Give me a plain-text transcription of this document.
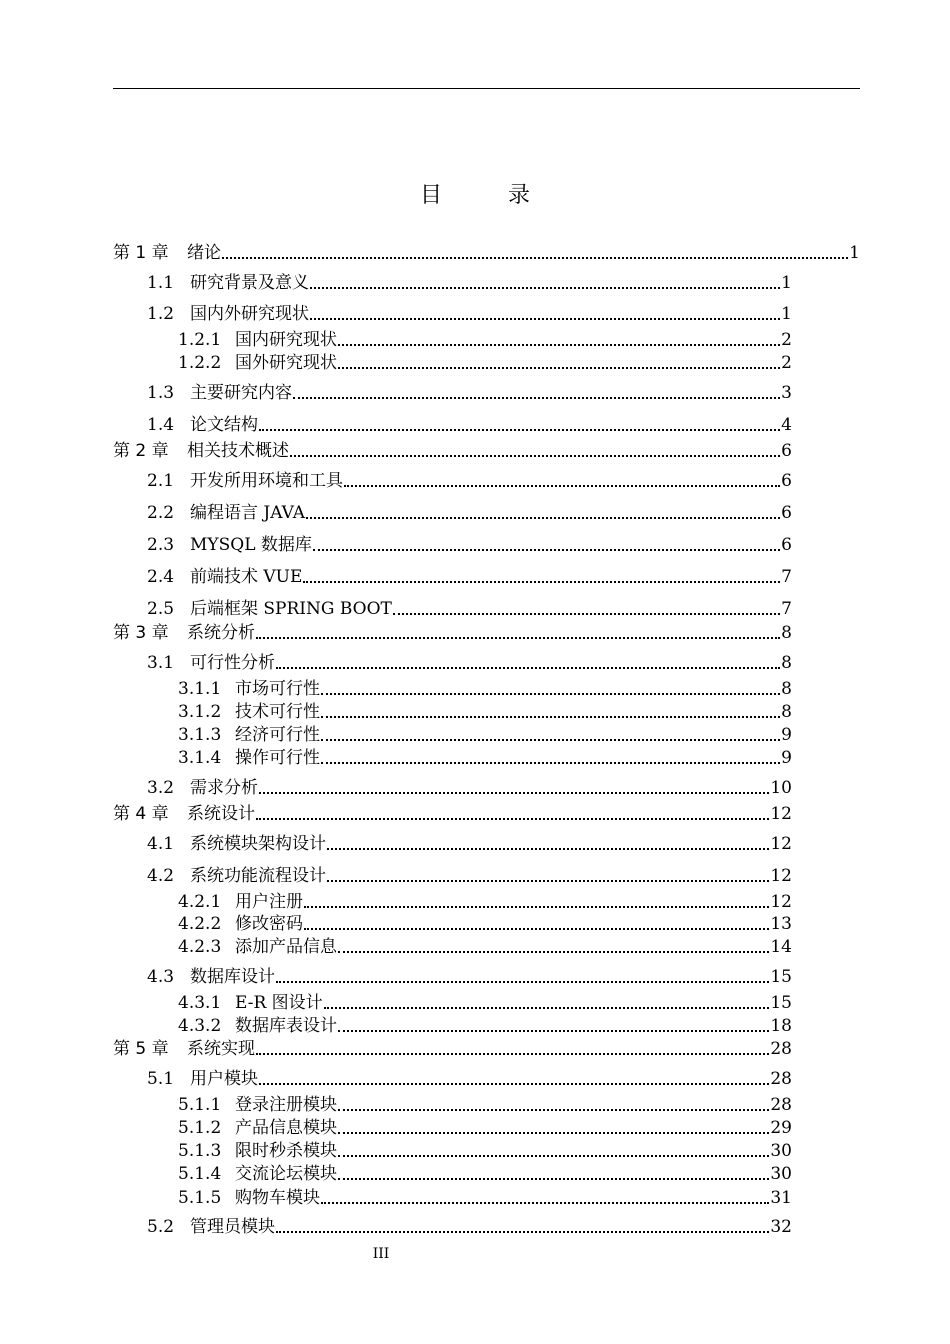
目　录
第 1 章	绪论	1
1.1 研究背景及意义	1
1.2 国内外研究现状	1
1.2.1 国内研究现状	2
1.2.2 国外研究现状	2
1.3 主要研究内容	3
1.4 论文结构	4
第 2 章	相关技术概述	6
2.1 开发所用环境和工具	6
2.2 编程语言 JAVA	6
2.3 MYSQL 数据库	6
2.4 前端技术 VUE	7
2.5 后端框架 SPRING BOOT	7
第 3 章	系统分析	8
3.1 可行性分析	8
3.1.1 市场可行性	8
3.1.2 技术可行性	8
3.1.3 经济可行性	9
3.1.4 操作可行性	9
3.2 需求分析	10
第 4 章	系统设计	12
4.1 系统模块架构设计	12
4.2 系统功能流程设计	12
4.2.1 用户注册	12
4.2.2 修改密码	13
4.2.3 添加产品信息	14
4.3 数据库设计	15
4.3.1 E-R 图设计	15
4.3.2 数据库表设计	18
第 5 章	系统实现	28
5.1 用户模块	28
5.1.1 登录注册模块	28
5.1.2 产品信息模块	29
5.1.3 限时秒杀模块	30
5.1.4 交流论坛模块	30
5.1.5 购物车模块	31
5.2 管理员模块	32
III
